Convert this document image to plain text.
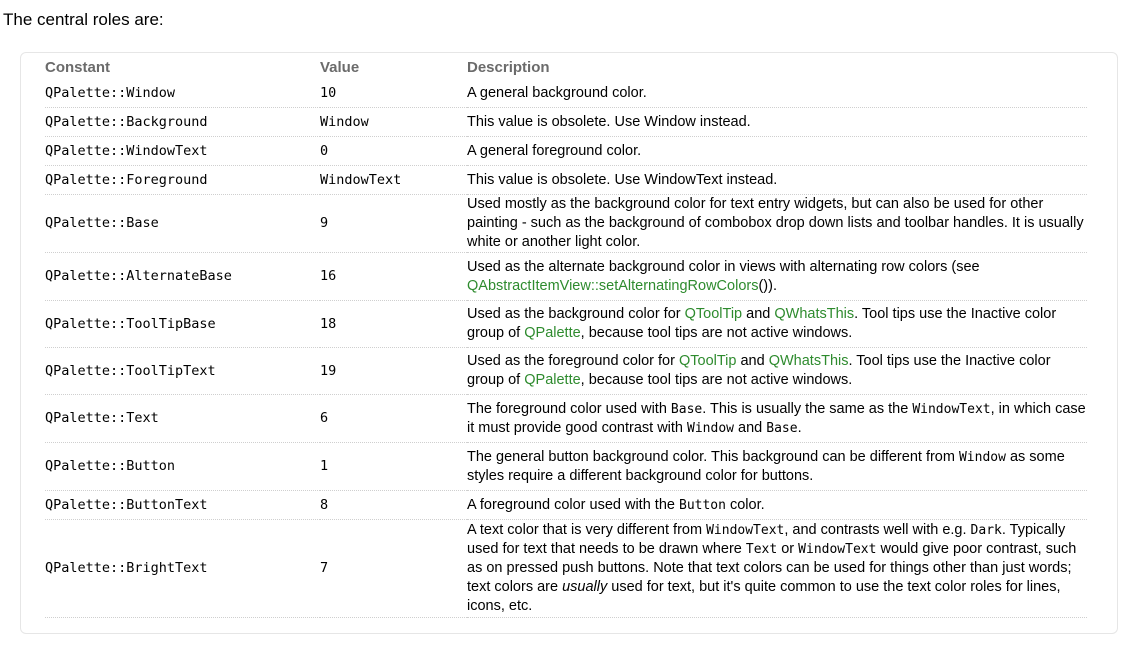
The central roles are:
Constant	Value	Description
QPalette::Window	10	A general background color.
QPalette::Background	Window	This value is obsolete. Use Window instead.
QPalette::WindowText	0	A general foreground color.
QPalette::Foreground	WindowText	This value is obsolete. Use WindowText instead.
QPalette::Base	9	Used mostly as the background color for text entry widgets, but can also be used for other painting - such as the background of combobox drop down lists and toolbar handles. It is usually white or another light color.
QPalette::AlternateBase	16	Used as the alternate background color in views with alternating row colors (see QAbstractItemView::setAlternatingRowColors()).
QPalette::ToolTipBase	18	Used as the background color for QToolTip and QWhatsThis. Tool tips use the Inactive color group of QPalette, because tool tips are not active windows.
QPalette::ToolTipText	19	Used as the foreground color for QToolTip and QWhatsThis. Tool tips use the Inactive color group of QPalette, because tool tips are not active windows.
QPalette::Text	6	The foreground color used with Base. This is usually the same as the WindowText, in which case it must provide good contrast with Window and Base.
QPalette::Button	1	The general button background color. This background can be different from Window as some styles require a different background color for buttons.
QPalette::ButtonText	8	A foreground color used with the Button color.
QPalette::BrightText	7	A text color that is very different from WindowText, and contrasts well with e.g. Dark. Typically used for text that needs to be drawn where Text or WindowText would give poor contrast, such as on pressed push buttons. Note that text colors can be used for things other than just words; text colors are usually used for text, but it's quite common to use the text color roles for lines, icons, etc.
